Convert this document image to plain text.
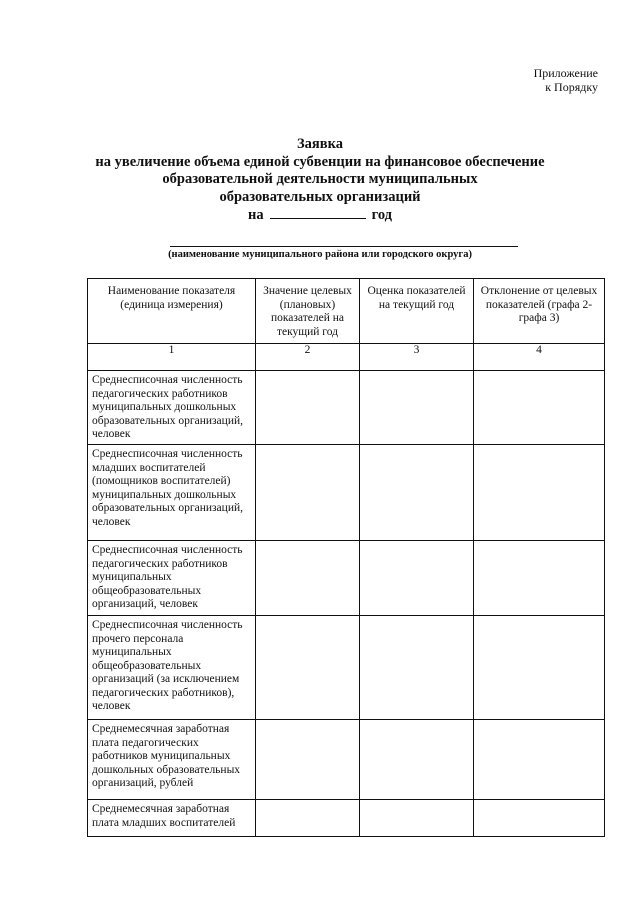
Приложение
к Порядку
Заявка
на увеличение объема единой субвенции на финансовое обеспечение
образовательной деятельности муниципальных
образовательных организаций
на	год
(наименование муниципального района или городского округа)
Наименование показателя (единица измерения)	Значение целевых (плановых) показателей на текущий год	Оценка показателей на текущий год	Отклонение от целевых показателей (графа 2- графа 3)
1	2	3	4
Среднесписочная численность педагогических работников муниципальных дошкольных образовательных организаций, человек			
Среднесписочная численность младших воспитателей (помощников воспитателей) муниципальных дошкольных образовательных организаций, человек			
Среднесписочная численность педагогических работников муниципальных общеобразовательных организаций, человек			
Среднесписочная численность прочего персонала муниципальных общеобразовательных организаций (за исключением педагогических работников), человек			
Среднемесячная заработная плата педагогических работников муниципальных дошкольных образовательных организаций, рублей			
Среднемесячная заработная плата младших воспитателей			
